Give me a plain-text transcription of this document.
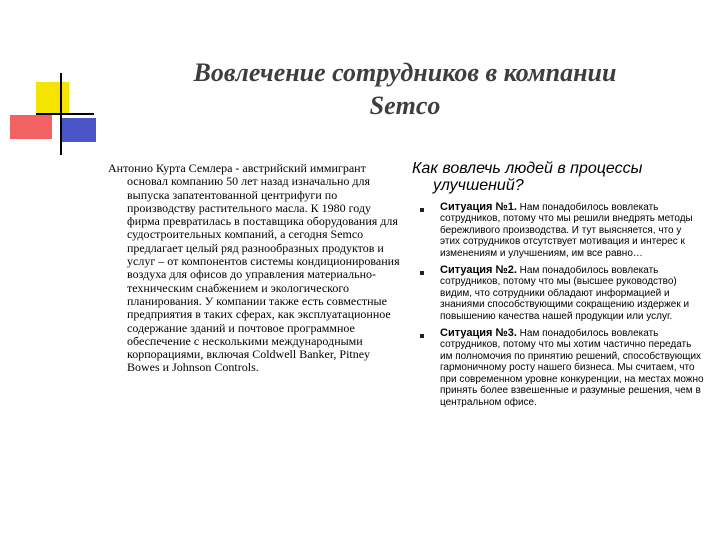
Вовлечение сотрудников в компании
Semco
Антонио Курта Семлера - австрийский иммигрант основал компанию 50 лет назад изначально для выпуска запатентованной центрифуги по производству растительного масла. К 1980 году фирма превратилась в поставщика оборудования для судостроительных компаний, а сегодня Semco предлагает целый ряд разнообразных продуктов и услуг – от компонентов системы кондиционирования воздуха для офисов до управления материально-техническим снабжением и экологического планирования. У компании также есть совместные предприятия в таких сферах, как эксплуатационное содержание зданий и почтовое программное обеспечение с несколькими международными корпорациями, включая Coldwell Banker, Pitney Bowes и Johnson Controls.
Как вовлечь людей в процессы улучшений?
Ситуация №1. Нам понадобилось вовлекать сотрудников, потому что мы решили внедрять методы бережливого производства. И тут выясняется, что у этих сотрудников отсутствует мотивация и интерес к изменениям и улучшениям, им все равно…
Ситуация №2. Нам понадобилось вовлекать сотрудников, потому что мы (высшее руководство) видим, что сотрудники обладают информацией и знаниями способствующими сокращению издержек и повышению качества нашей продукции или услуг.
Ситуация №3. Нам понадобилось вовлекать сотрудников, потому что мы хотим частично передать им полномочия по принятию решений, способствующих гармоничному росту нашего бизнеса. Мы считаем, что при современном уровне конкуренции, на местах можно принять более взвешенные и разумные решения, чем в центральном офисе.
